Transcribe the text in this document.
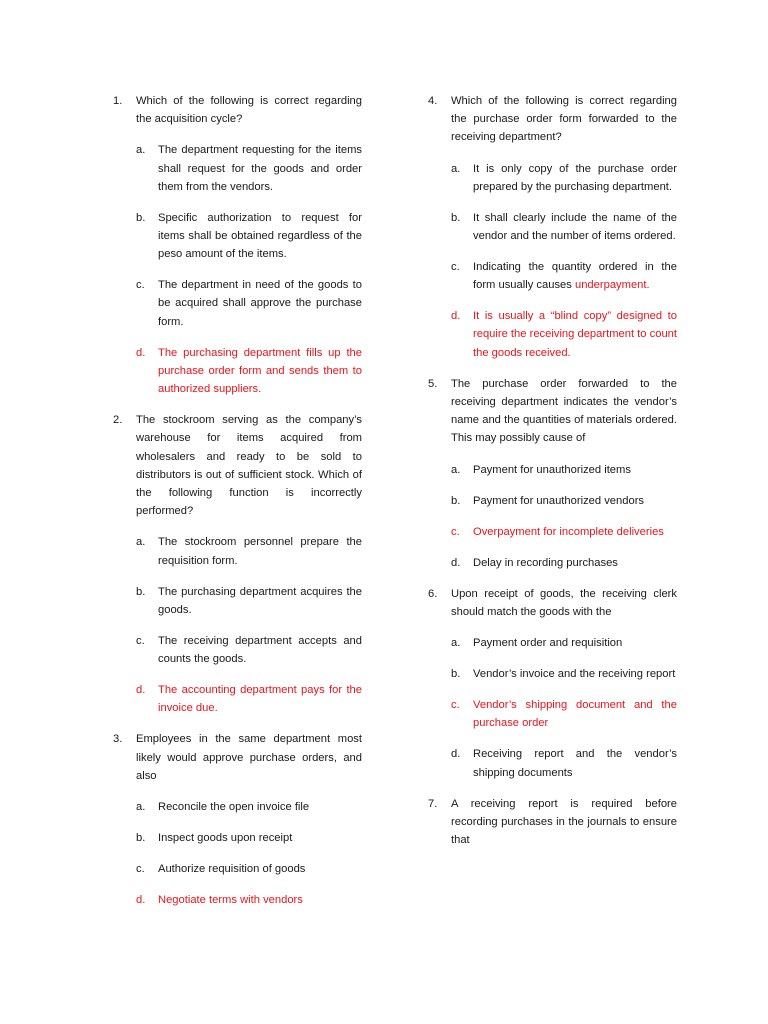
1. Which of the following is correct regarding the acquisition cycle?
a. The department requesting for the items shall request for the goods and order them from the vendors.
b. Specific authorization to request for items shall be obtained regardless of the peso amount of the items.
c. The department in need of the goods to be acquired shall approve the purchase form.
d. The purchasing department fills up the purchase order form and sends them to authorized suppliers.
2. The stockroom serving as the company’s warehouse for items acquired from wholesalers and ready to be sold to distributors is out of sufficient stock. Which of the following function is incorrectly performed?
a. The stockroom personnel prepare the requisition form.
b. The purchasing department acquires the goods.
c. The receiving department accepts and counts the goods.
d. The accounting department pays for the invoice due.
3. Employees in the same department most likely would approve purchase orders, and also
a. Reconcile the open invoice file
b. Inspect goods upon receipt
c. Authorize requisition of goods
d. Negotiate terms with vendors
4. Which of the following is correct regarding the purchase order form forwarded to the receiving department?
a. It is only copy of the purchase order prepared by the purchasing department.
b. It shall clearly include the name of the vendor and the number of items ordered.
c. Indicating the quantity ordered in the form usually causes underpayment.
d. It is usually a “blind copy” designed to require the receiving department to count the goods received.
5. The purchase order forwarded to the receiving department indicates the vendor’s name and the quantities of materials ordered. This may possibly cause of
a. Payment for unauthorized items
b. Payment for unauthorized vendors
c. Overpayment for incomplete deliveries
d. Delay in recording purchases
6. Upon receipt of goods, the receiving clerk should match the goods with the
a. Payment order and requisition
b. Vendor’s invoice and the receiving report
c. Vendor’s shipping document and the purchase order
d. Receiving report and the vendor’s shipping documents
7. A receiving report is required before recording purchases in the journals to ensure that
